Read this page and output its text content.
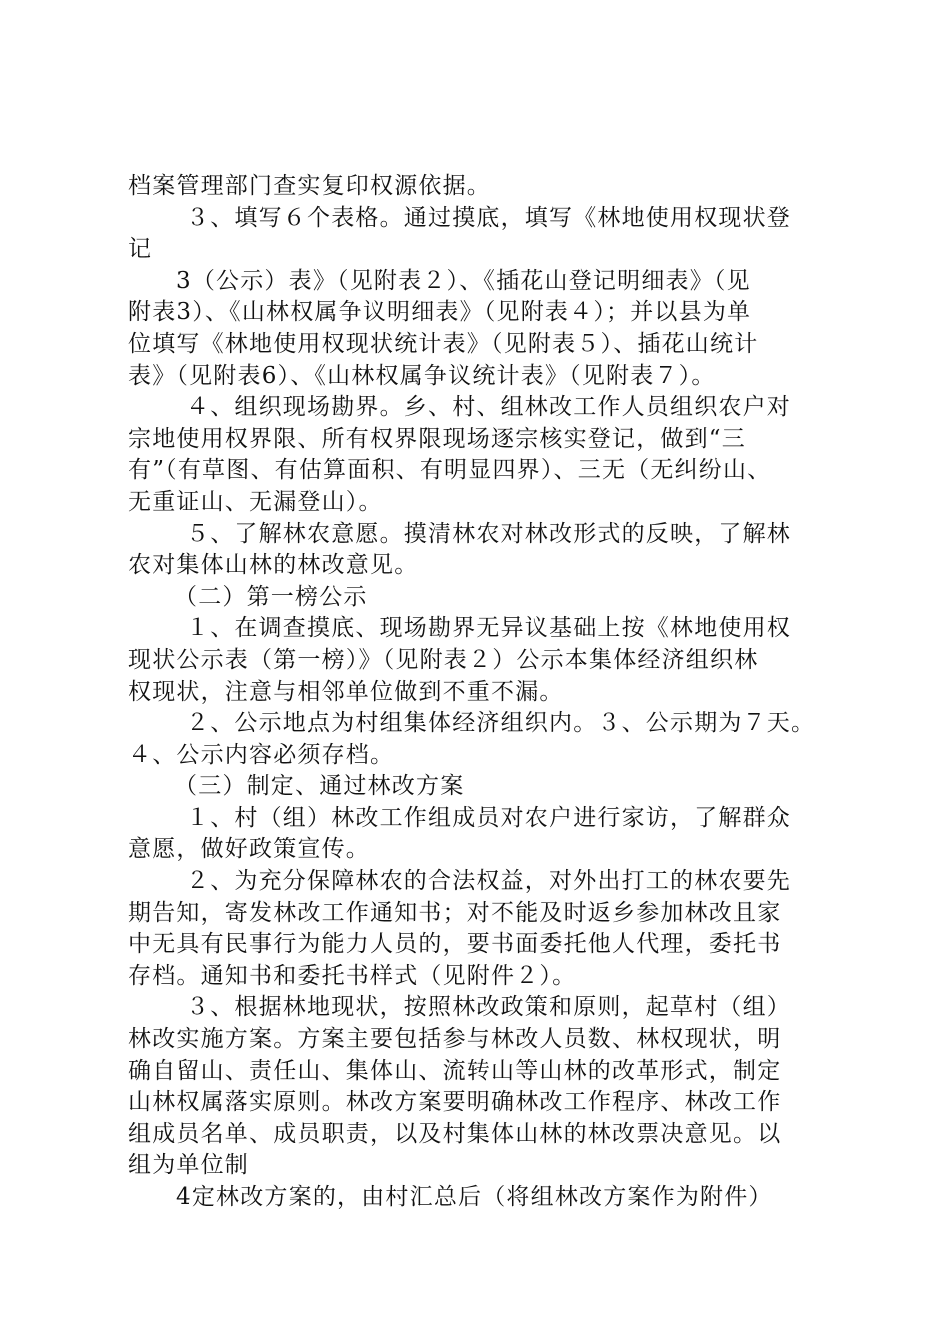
档案管理部门查实复印权源依据。
３、填写６个表格。通过摸底，填写《林地使用权现状登
记
3（公示）表》（见附表２）、《插花山登记明细表》（见
附表3）、《山林权属争议明细表》（见附表４）；并以县为单
位填写《林地使用权现状统计表》（见附表５）、插花山统计
表》（见附表6）、《山林权属争议统计表》（见附表７）。
４、组织现场勘界。乡、村、组林改工作人员组织农户对
宗地使用权界限、所有权界限现场逐宗核实登记，做到“三
有”（有草图、有估算面积、有明显四界）、三无（无纠纷山、
无重证山、无漏登山）。
５、了解林农意愿。摸清林农对林改形式的反映，了解林
农对集体山林的林改意见。
（二）第一榜公示
１、在调查摸底、现场勘界无异议基础上按《林地使用权
现状公示表（第一榜）》（见附表２）公示本集体经济组织林
权现状，注意与相邻单位做到不重不漏。
２、公示地点为村组集体经济组织内。３、公示期为７天。
４、公示内容必须存档。
（三）制定、通过林改方案
１、村（组）林改工作组成员对农户进行家访，了解群众
意愿，做好政策宣传。
２、为充分保障林农的合法权益，对外出打工的林农要先
期告知，寄发林改工作通知书；对不能及时返乡参加林改且家
中无具有民事行为能力人员的，要书面委托他人代理，委托书
存档。通知书和委托书样式（见附件２）。
３、根据林地现状，按照林改政策和原则，起草村（组）
林改实施方案。方案主要包括参与林改人员数、林权现状，明
确自留山、责任山、集体山、流转山等山林的改革形式，制定
山林权属落实原则。林改方案要明确林改工作程序、林改工作
组成员名单、成员职责，以及村集体山林的林改票决意见。以
组为单位制
4定林改方案的，由村汇总后（将组林改方案作为附件）
